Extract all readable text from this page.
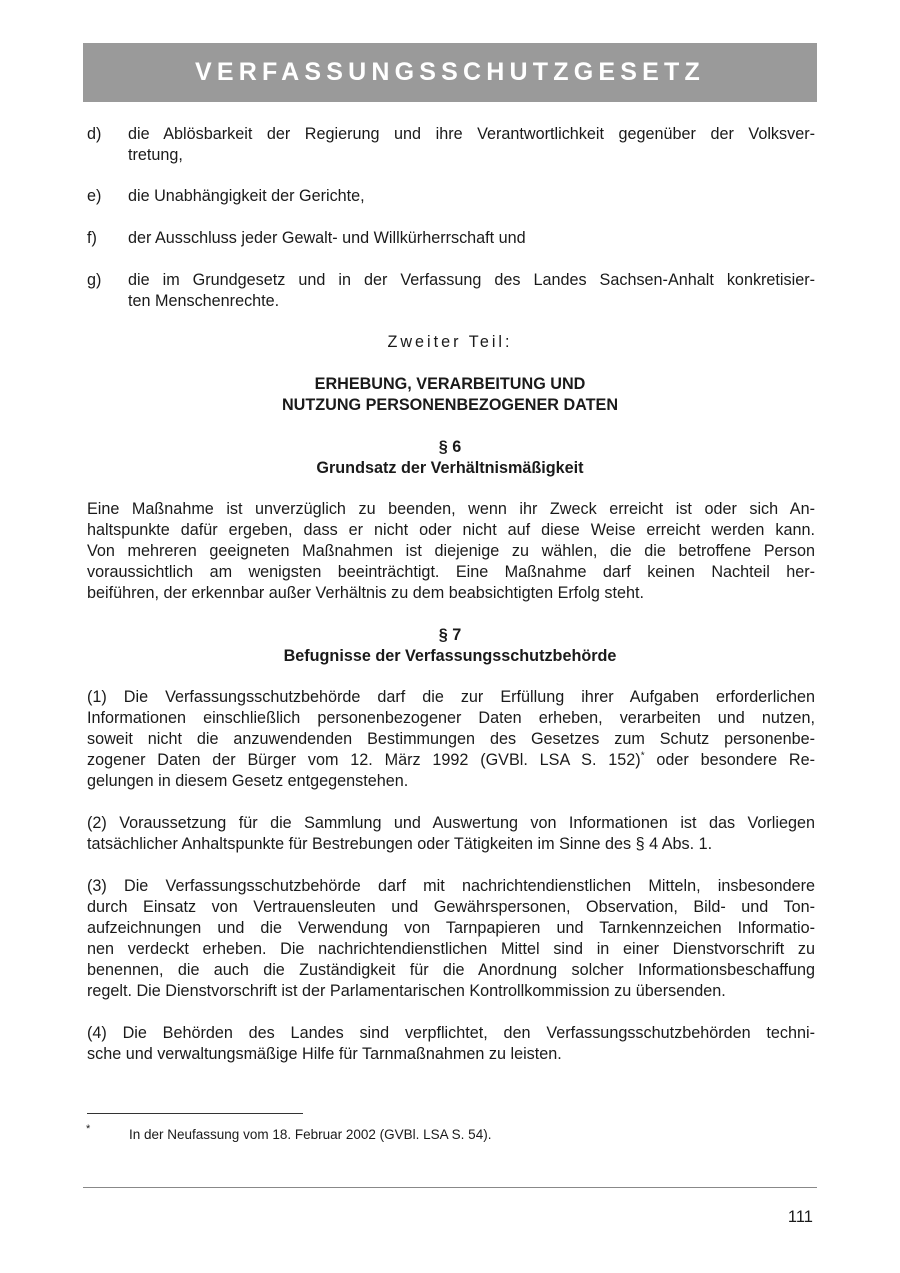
VERFASSUNGSSCHUTZGESETZ
d) die Ablösbarkeit der Regierung und ihre Verantwortlichkeit gegenüber der Volksver-
tretung,
e) die Unabhängigkeit der Gerichte,
f) der Ausschluss jeder Gewalt- und Willkürherrschaft und
g) die im Grundgesetz und in der Verfassung des Landes Sachsen-Anhalt konkretisier-
ten Menschenrechte.
Zweiter Teil:
ERHEBUNG, VERARBEITUNG UND
NUTZUNG PERSONENBEZOGENER DATEN
§ 6
Grundsatz der Verhältnismäßigkeit
Eine Maßnahme ist unverzüglich zu beenden, wenn ihr Zweck erreicht ist oder sich An-
haltspunkte dafür ergeben, dass er nicht oder nicht auf diese Weise erreicht werden kann.
Von mehreren geeigneten Maßnahmen ist diejenige zu wählen, die die betroffene Person
voraussichtlich am wenigsten beeinträchtigt. Eine Maßnahme darf keinen Nachteil her-
beiführen, der erkennbar außer Verhältnis zu dem beabsichtigten Erfolg steht.
§ 7
Befugnisse der Verfassungsschutzbehörde
(1) Die Verfassungsschutzbehörde darf die zur Erfüllung ihrer Aufgaben erforderlichen
Informationen einschließlich personenbezogener Daten erheben, verarbeiten und nutzen,
soweit nicht die anzuwendenden Bestimmungen des Gesetzes zum Schutz personenbe-
zogener Daten der Bürger vom 12. März 1992 (GVBl. LSA S. 152)* oder besondere Re-
gelungen in diesem Gesetz entgegenstehen.
(2) Voraussetzung für die Sammlung und Auswertung von Informationen ist das Vorliegen
tatsächlicher Anhaltspunkte für Bestrebungen oder Tätigkeiten im Sinne des § 4 Abs. 1.
(3) Die Verfassungsschutzbehörde darf mit nachrichtendienstlichen Mitteln, insbesondere
durch Einsatz von Vertrauensleuten und Gewährspersonen, Observation, Bild- und Ton-
aufzeichnungen und die Verwendung von Tarnpapieren und Tarnkennzeichen Informatio-
nen verdeckt erheben. Die nachrichtendienstlichen Mittel sind in einer Dienstvorschrift zu
benennen, die auch die Zuständigkeit für die Anordnung solcher Informationsbeschaffung
regelt. Die Dienstvorschrift ist der Parlamentarischen Kontrollkommission zu übersenden.
(4) Die Behörden des Landes sind verpflichtet, den Verfassungsschutzbehörden techni-
sche und verwaltungsmäßige Hilfe für Tarnmaßnahmen zu leisten.
*	In der Neufassung vom 18. Februar 2002 (GVBl. LSA S. 54).
111
